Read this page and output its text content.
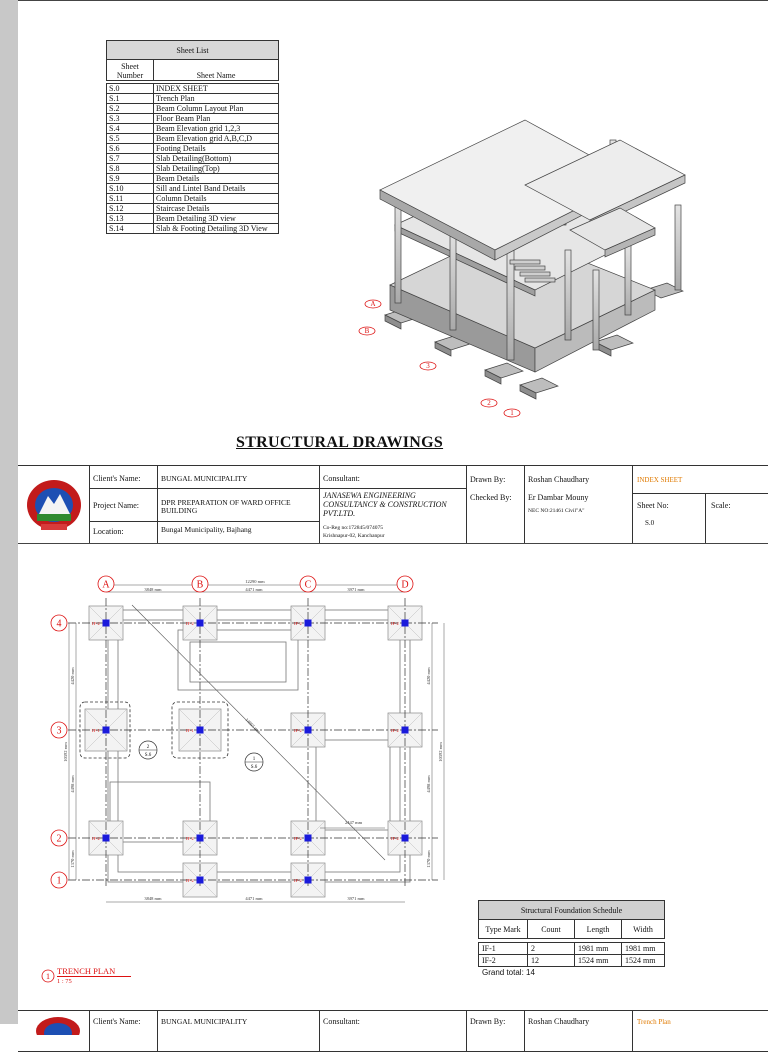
Sheet List	
Sheet Number	Sheet Name

S.0	INDEX SHEET
S.1	Trench Plan
S.2	Beam Column Layout Plan
S.3	Floor Beam Plan
S.4	Beam Elevation grid 1,2,3
S.5	Beam Elevation grid A,B,C,D
S.6	Footing Details
S.7	Slab Detailing(Bottom)
S.8	Slab Detailing(Top)
S.9	Beam Details
S.10	Sill and Lintel Band Details
S.11	Column Details
S.12	Staircase Details
S.13	Beam Detailing 3D view
S.14	Slab & Footing Detailing 3D View
A
B
3
2
1
STRUCTURAL DRAWINGS
Client's Name:	BUNGAL MUNICIPALITY
Project Name:	DPR PREPARATION OF WARD OFFICE BUILDING
Location:	Bungal Municipality, Bajhang
Consultant:
JANASEWA ENGINEERING CONSULTANCY & CONSTRUCTION PVT.LTD.
Co-Reg no:172845/074075
Krishnapur-02, Kanchanpur
Drawn By:	Roshan Chaudhary
Checked By: Er Dambar Mouny
NEC NO:21461 Civil"A"
INDEX SHEET
Sheet No:
S.0
Scale:
14865 mm
2447 mm
12290 mm
3848 mm	4471 mm	3971 mm
3848 mm	4471 mm	3971 mm
4420 mm
4498 mm
1370 mm
10392 mm
4420 mm
4498 mm
1370 mm
10392 mm
2
S.6
1
S.6
IF-2	IF-2	IF-2	IF-2
IF-1	IF-1	IF-2	IF-2
IF-2	IF-2	IF-2	IF-2
IF-2	IF-2
A	B	C	D
4
3
2
1
Structural Foundation Schedule			
Type Mark	Count	Length	Width

IF-1	2	1981 mm	1981 mm
IF-2	12	1524 mm	1524 mm
Grand total: 14
1
TRENCH PLAN
1 : 75
Client's Name:	BUNGAL MUNICIPALITY	Consultant:	Drawn By:	Roshan Chaudhary	Trench Plan
